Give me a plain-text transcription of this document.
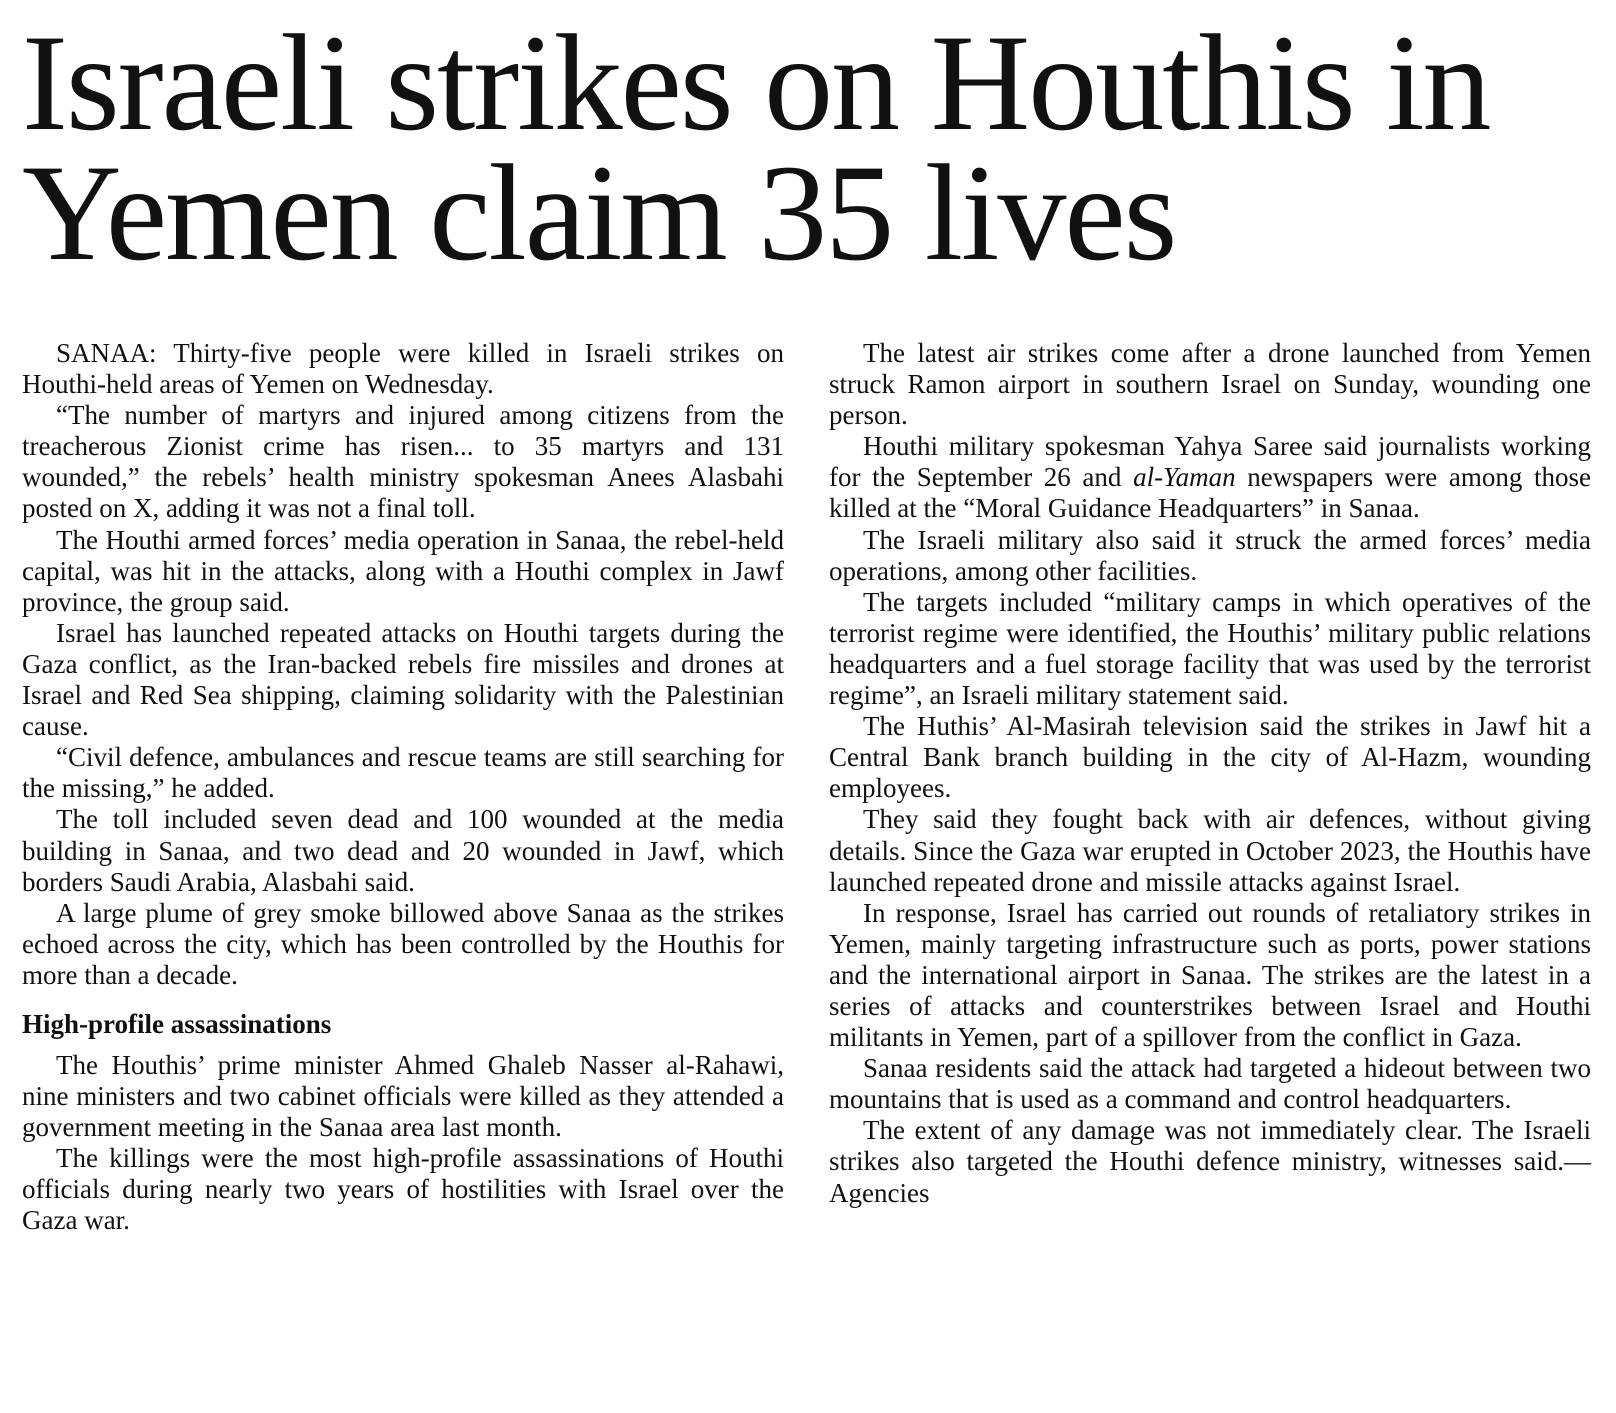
Israeli strikes on Houthis in Yemen claim 35 lives

SANAA: Thirty-five people were killed in Israeli strikes on Houthi-held areas of Yemen on Wednesday.

“The number of martyrs and injured among citizens from the treacherous Zionist crime has risen... to 35 martyrs and 131 wounded,” the rebels’ health ministry spokesman Anees Alasbahi posted on X, adding it was not a final toll.

The Houthi armed forces’ media operation in Sanaa, the rebel-held capital, was hit in the attacks, along with a Houthi complex in Jawf province, the group said.

Israel has launched repeated attacks on Houthi targets during the Gaza conflict, as the Iran-backed rebels fire missiles and drones at Israel and Red Sea shipping, claiming solidarity with the Palestinian cause.

“Civil defence, ambulances and rescue teams are still searching for the missing,” he added.

The toll included seven dead and 100 wounded at the media building in Sanaa, and two dead and 20 wounded in Jawf, which borders Saudi Arabia, Alasbahi said.

A large plume of grey smoke billowed above Sanaa as the strikes echoed across the city, which has been controlled by the Houthis for more than a decade.

High-profile assassinations

The Houthis’ prime minister Ahmed Ghaleb Nasser al-Rahawi, nine ministers and two cabinet officials were killed as they attended a government meeting in the Sanaa area last month.

The killings were the most high-profile assassinations of Houthi officials during nearly two years of hostilities with Israel over the Gaza war.

The latest air strikes come after a drone launched from Yemen struck Ramon airport in southern Israel on Sunday, wounding one person.

Houthi military spokesman Yahya Saree said journalists working for the September 26 and al-Yaman newspapers were among those killed at the “Moral Guidance Headquarters” in Sanaa.

The Israeli military also said it struck the armed forces’ media operations, among other facilities.

The targets included “military camps in which operatives of the terrorist regime were identified, the Houthis’ military public relations headquarters and a fuel storage facility that was used by the terrorist regime”, an Israeli military statement said.

The Huthis’ Al-Masirah television said the strikes in Jawf hit a Central Bank branch building in the city of Al-Hazm, wounding employees.

They said they fought back with air defences, without giving details. Since the Gaza war erupted in October 2023, the Houthis have launched repeated drone and missile attacks against Israel.

In response, Israel has carried out rounds of retaliatory strikes in Yemen, mainly targeting infrastructure such as ports, power stations and the international airport in Sanaa. The strikes are the latest in a series of attacks and counterstrikes between Israel and Houthi militants in Yemen, part of a spillover from the conflict in Gaza.

Sanaa residents said the attack had targeted a hideout between two mountains that is used as a command and control headquarters.

The extent of any damage was not immediately clear. The Israeli strikes also targeted the Houthi defence ministry, witnesses said.—Agencies
